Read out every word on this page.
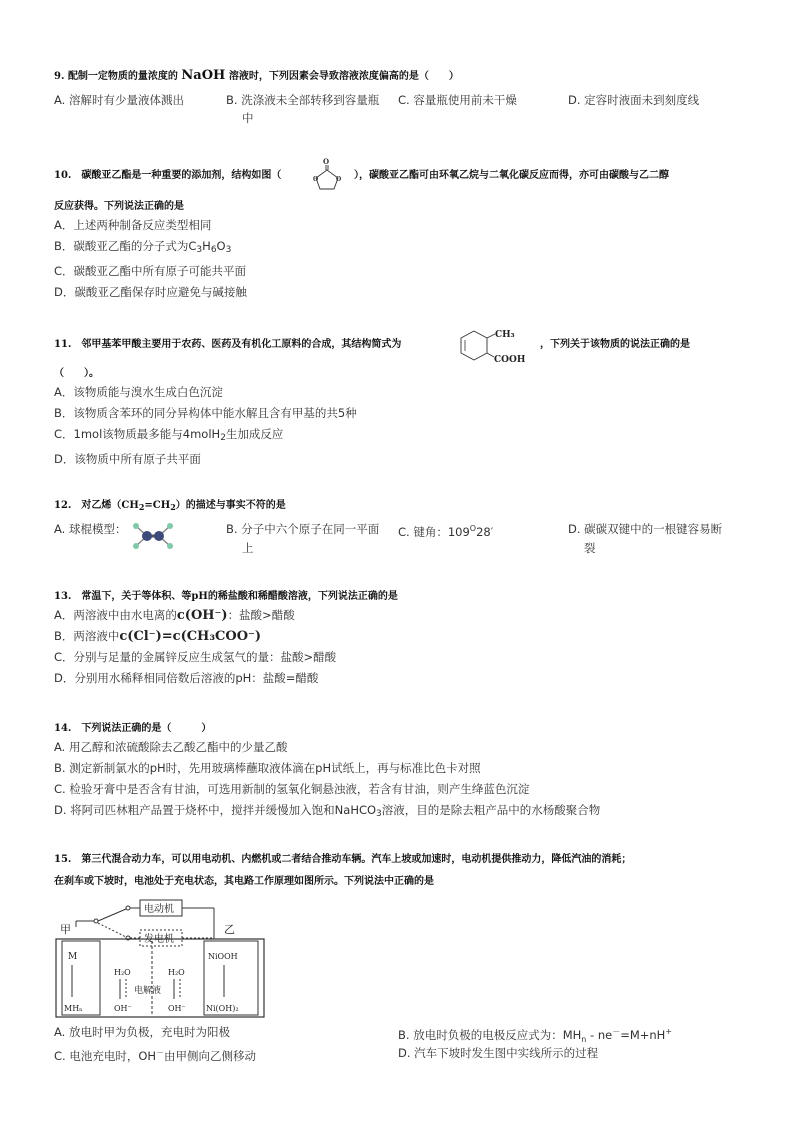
9. 配制一定物质的量浓度的 NaOH 溶液时，下列因素会导致溶液浓度偏高的是（　　）
A. 溶解时有少量液体溅出	B. 洗涤液未全部转移到容量瓶
中
C. 容量瓶使用前未干燥	D. 定容时液面未到刻度线
10.　碳酸亚乙酯是一种重要的添加剂，结构如图（
O
O	O ），碳酸亚乙酯可由环氧乙烷与二氧化碳反应而得，亦可由碳酸与乙二醇
反应获得。下列说法正确的是
A．上述两种制备反应类型相同
B．碳酸亚乙酯的分子式为C3H6O3
C．碳酸亚乙酯中所有原子可能共平面
D．碳酸亚乙酯保存时应避免与碱接触
11.　邻甲基苯甲酸主要用于农药、医药及有机化工原料的合成，其结构简式为
CH₃
COOH
，下列关于该物质的说法正确的是
（　　）。
A．该物质能与溴水生成白色沉淀
B．该物质含苯环的同分异构体中能水解且含有甲基的共5种
C．1mol该物质最多能与4molH2生加成反应
D．该物质中所有原子共平面
12.　对乙烯$(CH_2=CH_2)$的描述与事实不符的是
A. 球棍模型：	B. 分子中六个原子在同一平面
上
C. 键角：$109^O28'$	D. 碳碳双键中的一根键容易断
裂
13.　常温下，关于等体积、等pH的稀盐酸和稀醋酸溶液，下列说法正确的是
A．两溶液中由水电离的c(OH⁻)：盐酸>醋酸
B．两溶液中c(Cl⁻)=c(CH₃COO⁻)
C．分别与足量的金属锌反应生成氢气的量：盐酸>醋酸
D．分别用水稀释相同倍数后溶液的pH：盐酸=醋酸
14.　下列说法正确的是（　　　）
A. 用乙醇和浓硫酸除去乙酸乙酯中的少量乙酸
B. 测定新制氯水的pH时，先用玻璃棒蘸取液体滴在pH试纸上，再与标准比色卡对照
C. 检验牙膏中是否含有甘油，可选用新制的氢氧化铜悬浊液，若含有甘油，则产生绛蓝色沉淀
D. 将阿司匹林粗产品置于烧杯中，搅拌并缓慢加入饱和NaHCO3溶液，目的是除去粗产品中的水杨酸聚合物
15.　第三代混合动力车，可以用电动机、内燃机或二者结合推动车辆。汽车上坡或加速时，电动机提供推动力，降低汽油的消耗；
在刹车或下坡时，电池处于充电状态，其电路工作原理如图所示。下列说法中正确的是
电动机
发电机
甲	乙
M
MHₙ
NiOOH
Ni(OH)₂
H₂O	H₂O
电解液
OH⁻	OH⁻
A. 放电时甲为负极，充电时为阳极	B. 放电时负极的电极反应式为：$MH_n - ne^-=M+nH^+$
C. 电池充电时，OH－由甲侧向乙侧移动	D. 汽车下坡时发生图中实线所示的过程
